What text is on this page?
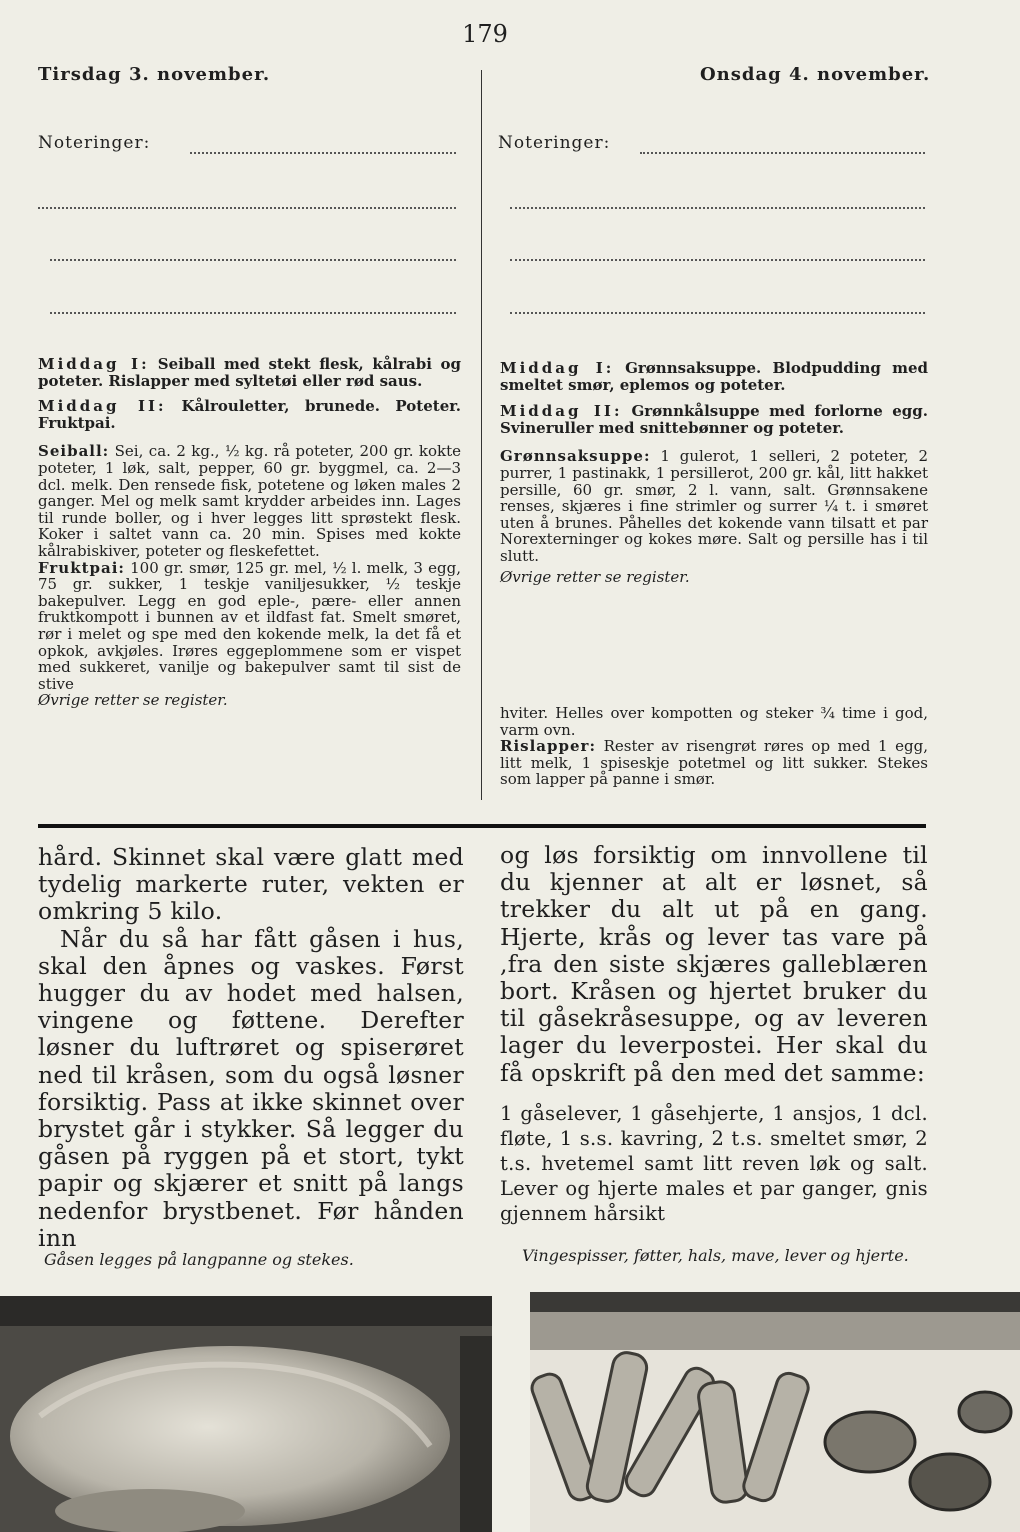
179
Tirsdag 3. november.	Onsdag 4. november.
Noteringer:	Noteringer:

Middag I: Seiball med stekt flesk, kålrabi og poteter. Rislapper med syltetøi eller rød saus.

Middag II: Kålrouletter, brunede. Poteter. Fruktpai.

Seiball: Sei, ca. 2 kg., ½ kg. rå poteter, 200 gr. kokte poteter, 1 løk, salt, pepper, 60 gr. byggmel, ca. 2—3 dcl. melk. Den rensede fisk, potetene og løken males 2 ganger. Mel og melk samt krydder arbeides inn. Lages til runde boller, og i hver legges litt sprøstekt flesk. Koker i saltet vann ca. 20 min. Spises med kokte kålrabiskiver, poteter og fleskefettet.

Fruktpai: 100 gr. smør, 125 gr. mel, ½ l. melk, 3 egg, 75 gr. sukker, 1 teskje vaniljesukker, ½ teskje bakepulver. Legg en god eple-, pære- eller annen fruktkompott i bunnen av et ildfast fat. Smelt smøret, rør i melet og spe med den kokende melk, la det få et opkok, avkjøles. Irøres eggeplommene som er vispet med sukkeret, vanilje og bakepulver samt til sist de stive

Øvrige retter se register.

Middag I: Grønnsaksuppe. Blodpudding med smeltet smør, eplemos og poteter.

Middag II: Grønnkålsuppe med forlorne egg. Svineruller med snittebønner og poteter.

Grønnsaksuppe: 1 gulerot, 1 selleri, 2 poteter, 2 purrer, 1 pastinakk, 1 persillerot, 200 gr. kål, litt hakket persille, 60 gr. smør, 2 l. vann, salt. Grønnsakene renses, skjæres i fine strimler og surrer ¼ t. i smøret uten å brunes. Påhelles det kokende vann tilsatt et par Norexterninger og kokes møre. Salt og persille has i til slutt.

Øvrige retter se register.

hviter. Helles over kompotten og steker ¾ time i god, varm ovn.

Rislapper: Rester av risengrøt røres op med 1 egg, litt melk, 1 spiseskje potetmel og litt sukker. Stekes som lapper på panne i smør.

hård. Skinnet skal være glatt med tydelig markerte ruter, vekten er omkring 5 kilo.

Når du så har fått gåsen i hus, skal den åpnes og vaskes. Først hugger du av hodet med halsen, vingene og føttene. Derefter løsner du luftrøret og spiserøret ned til kråsen, som du også løsner forsiktig. Pass at ikke skinnet over brystet går i stykker. Så legger du gåsen på ryggen på et stort, tykt papir og skjærer et snitt på langs nedenfor brystbenet. Før hånden inn

og løs forsiktig om innvollene til du kjenner at alt er løsnet, så trekker du alt ut på en gang. Hjerte, krås og lever tas vare på ,fra den siste skjæres galleblæren bort. Kråsen og hjertet bruker du til gåsekråsesuppe, og av leveren lager du leverpostei. Her skal du få opskrift på den med det samme:

1 gåselever, 1 gåsehjerte, 1 ansjos, 1 dcl. fløte, 1 s.s. kavring, 2 t.s. smeltet smør, 2 t.s. hvetemel samt litt reven løk og salt. Lever og hjerte males et par ganger, gnis gjennem hårsikt

Gåsen legges på langpanne og stekes.	Vingespisser, føtter, hals, mave, lever og hjerte.
